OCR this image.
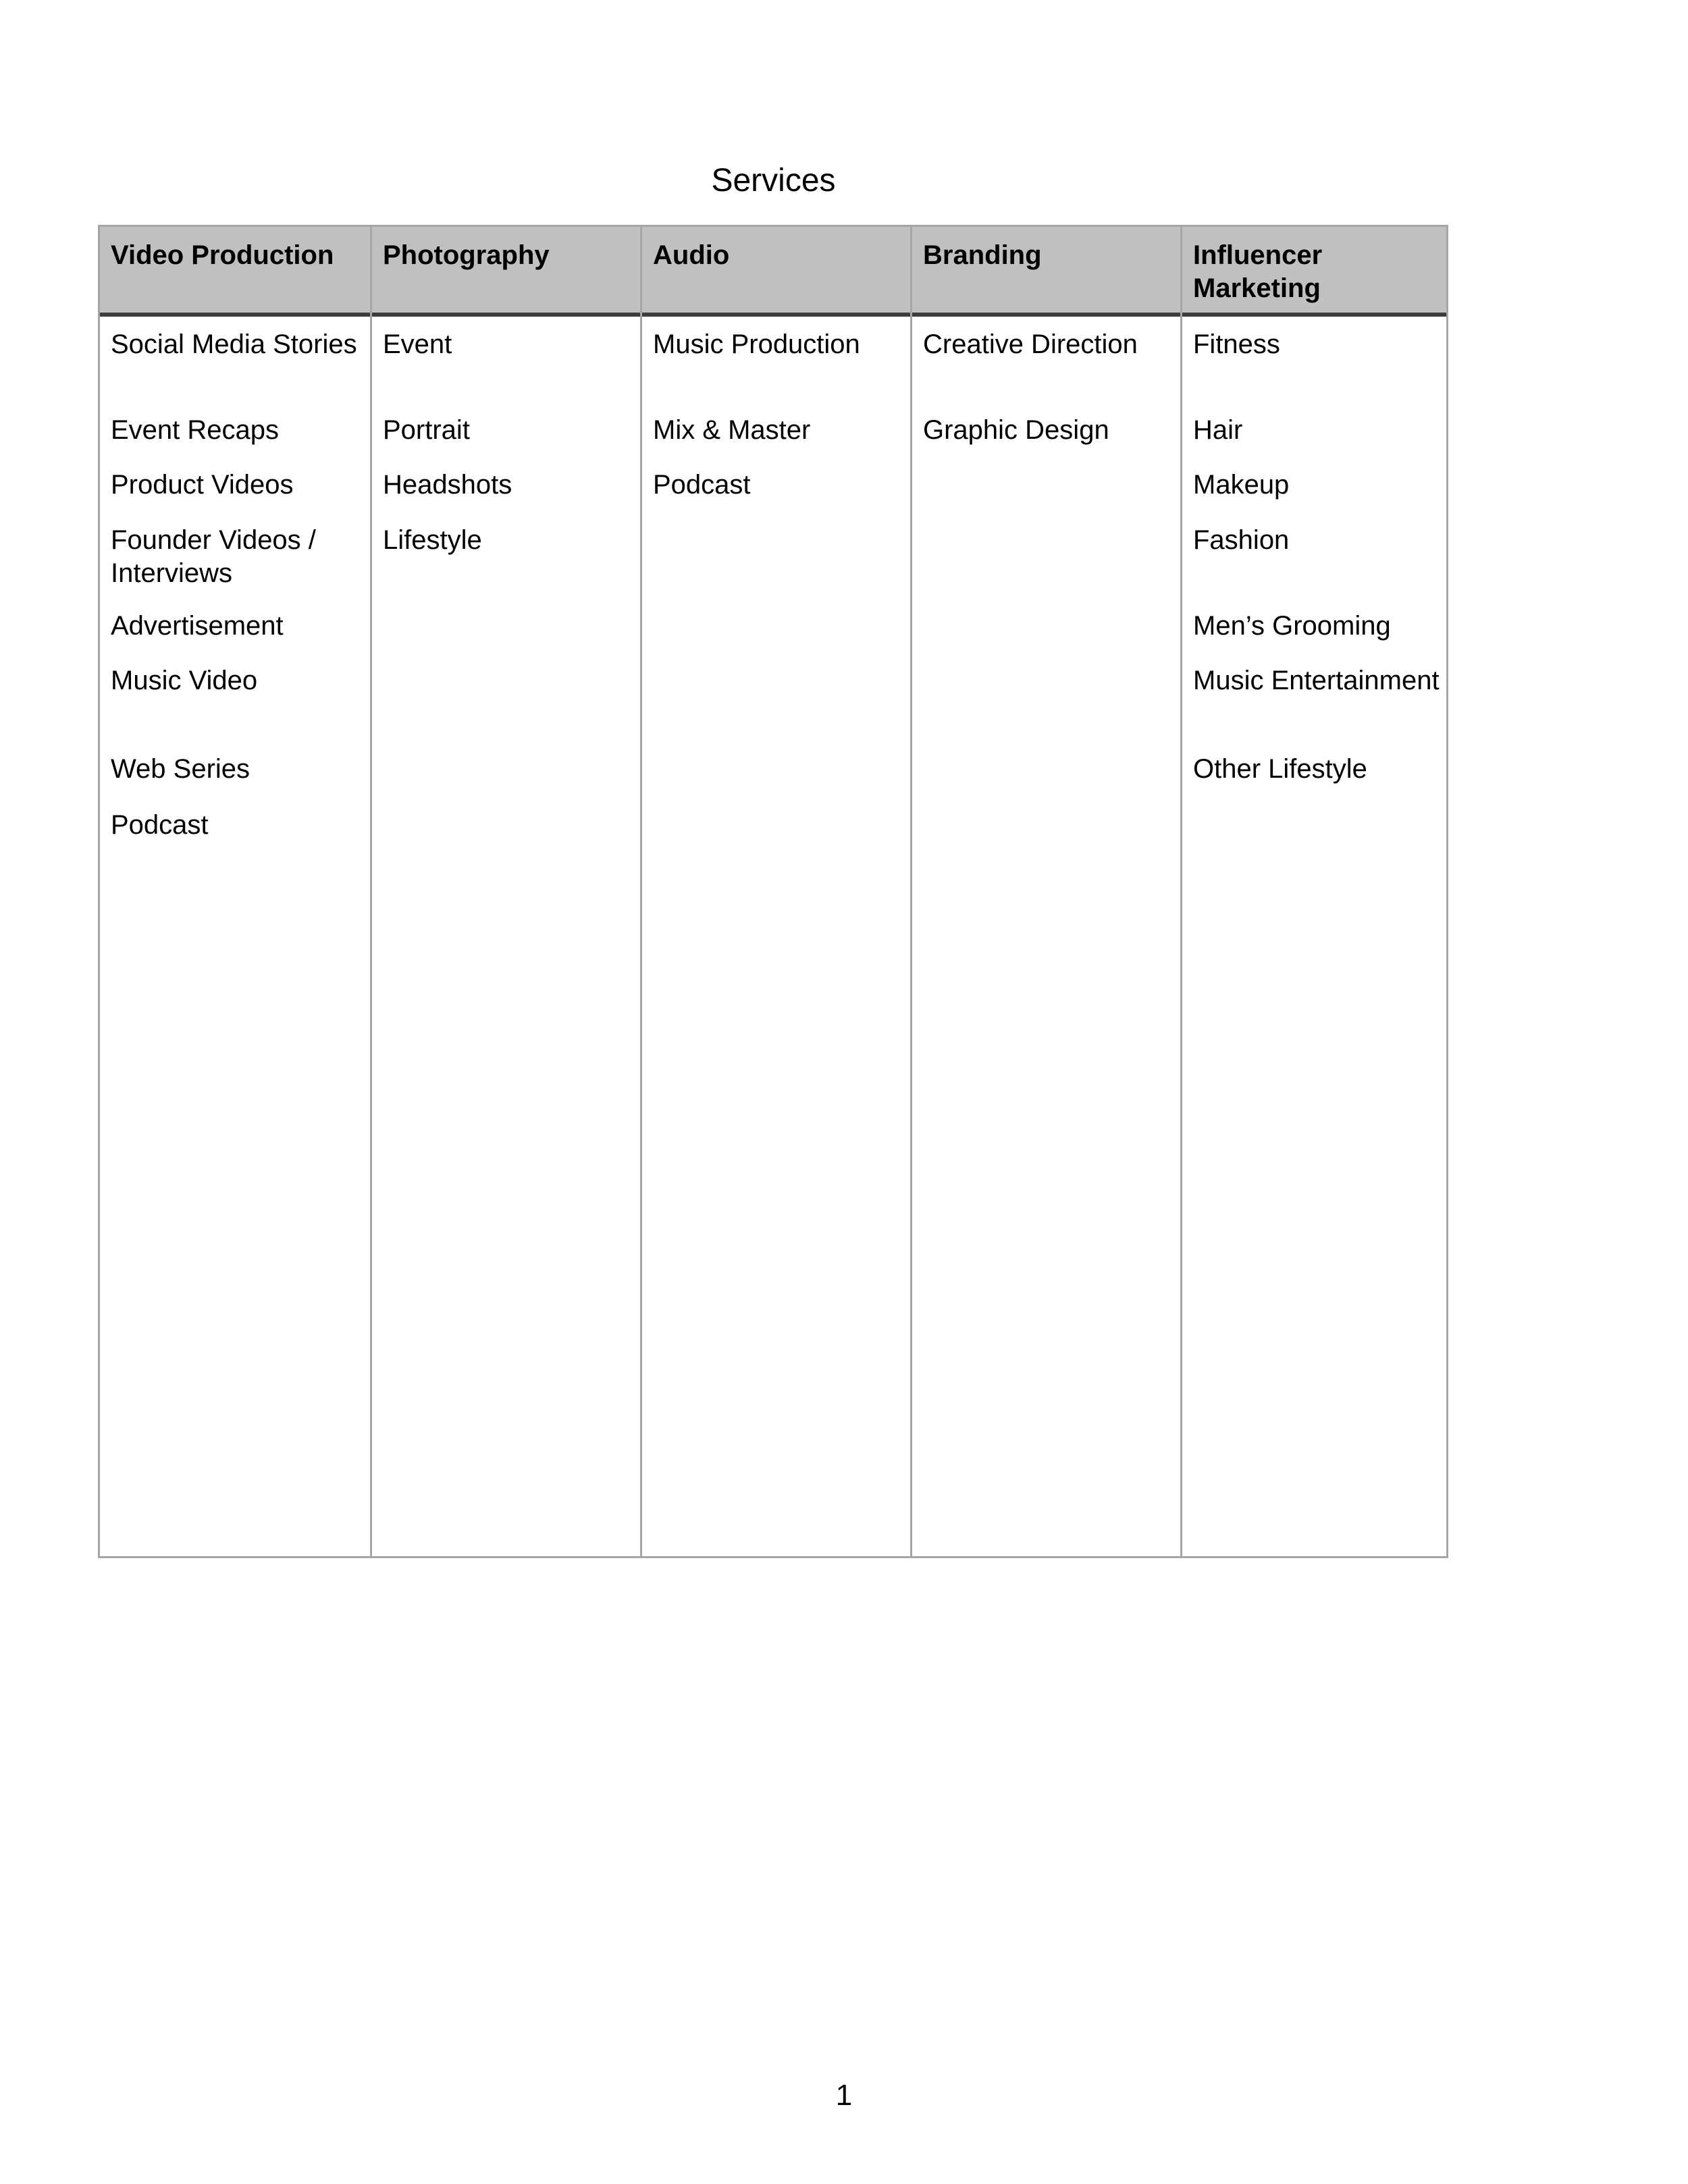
Services
Video Production
Social Media Stories
Event Recaps
Product Videos
Founder Videos / Interviews
Advertisement
Music Video
Web Series
Podcast
Photography
Event
Portrait
Headshots
Lifestyle
Audio
Music Production
Mix & Master
Podcast
Branding
Creative Direction
Graphic Design
Influencer Marketing
Fitness
Hair
Makeup
Fashion
Men’s Grooming
Music Entertainment
Other Lifestyle
1
